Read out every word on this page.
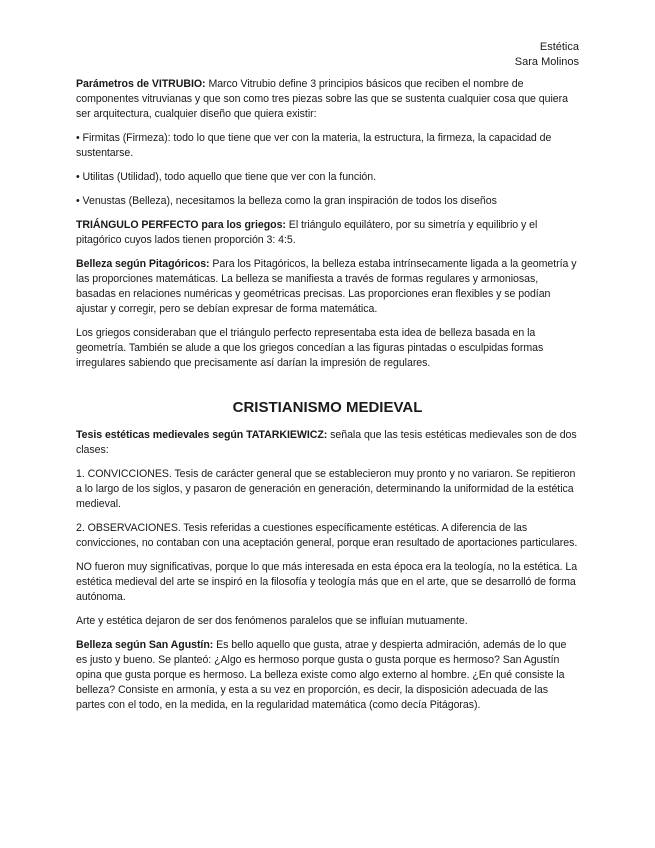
Estética
Sara Molinos

Parámetros de VITRUBIO: Marco Vitrubio define 3 principios básicos que reciben el nombre de componentes vitruvianas y que son como tres piezas sobre las que se sustenta cualquier cosa que quiera ser arquitectura, cualquier diseño que quiera existir:

• Firmitas (Firmeza): todo lo que tiene que ver con la materia, la estructura, la firmeza, la capacidad de sustentarse.

• Utilitas (Utilidad), todo aquello que tiene que ver con la función.

• Venustas (Belleza), necesitamos la belleza como la gran inspiración de todos los diseños

TRIÁNGULO PERFECTO para los griegos: El triángulo equilátero, por su simetría y equilibrio y el pitagórico cuyos lados tienen proporción 3: 4:5.

Belleza según Pitagóricos: Para los Pitagóricos, la belleza estaba intrínsecamente ligada a la geometría y las proporciones matemáticas. La belleza se manifiesta a través de formas regulares y armoniosas, basadas en relaciones numéricas y geométricas precisas. Las proporciones eran flexibles y se podían ajustar y corregir, pero se debían expresar de forma matemática.

Los griegos consideraban que el triángulo perfecto representaba esta idea de belleza basada en la geometría. También se alude a que los griegos concedían a las figuras pintadas o esculpidas formas irregulares sabiendo que precisamente así darían la impresión de regulares.

CRISTIANISMO MEDIEVAL

Tesis estéticas medievales según TATARKIEWICZ: señala que las tesis estéticas medievales son de dos clases:

1. CONVICCIONES. Tesis de carácter general que se establecieron muy pronto y no variaron. Se repitieron a lo largo de los siglos, y pasaron de generación en generación, determinando la uniformidad de la estética medieval.

2. OBSERVACIONES. Tesis referidas a cuestiones específicamente estéticas. A diferencia de las convicciones, no contaban con una aceptación general, porque eran resultado de aportaciones particulares.

NO fueron muy significativas, porque lo que más interesada en esta época era la teología, no la estética. La estética medieval del arte se inspiró en la filosofía y teología más que en el arte, que se desarrolló de forma autónoma.

Arte y estética dejaron de ser dos fenómenos paralelos que se influían mutuamente.

Belleza según San Agustín: Es bello aquello que gusta, atrae y despierta admiración, además de lo que es justo y bueno. Se planteó: ¿Algo es hermoso porque gusta o gusta porque es hermoso? San Agustín opina que gusta porque es hermoso. La belleza existe como algo externo al hombre. ¿En qué consiste la belleza? Consiste en armonía, y esta a su vez en proporción, es decir, la disposición adecuada de las partes con el todo, en la medida, en la regularidad matemática (como decía Pitágoras).
